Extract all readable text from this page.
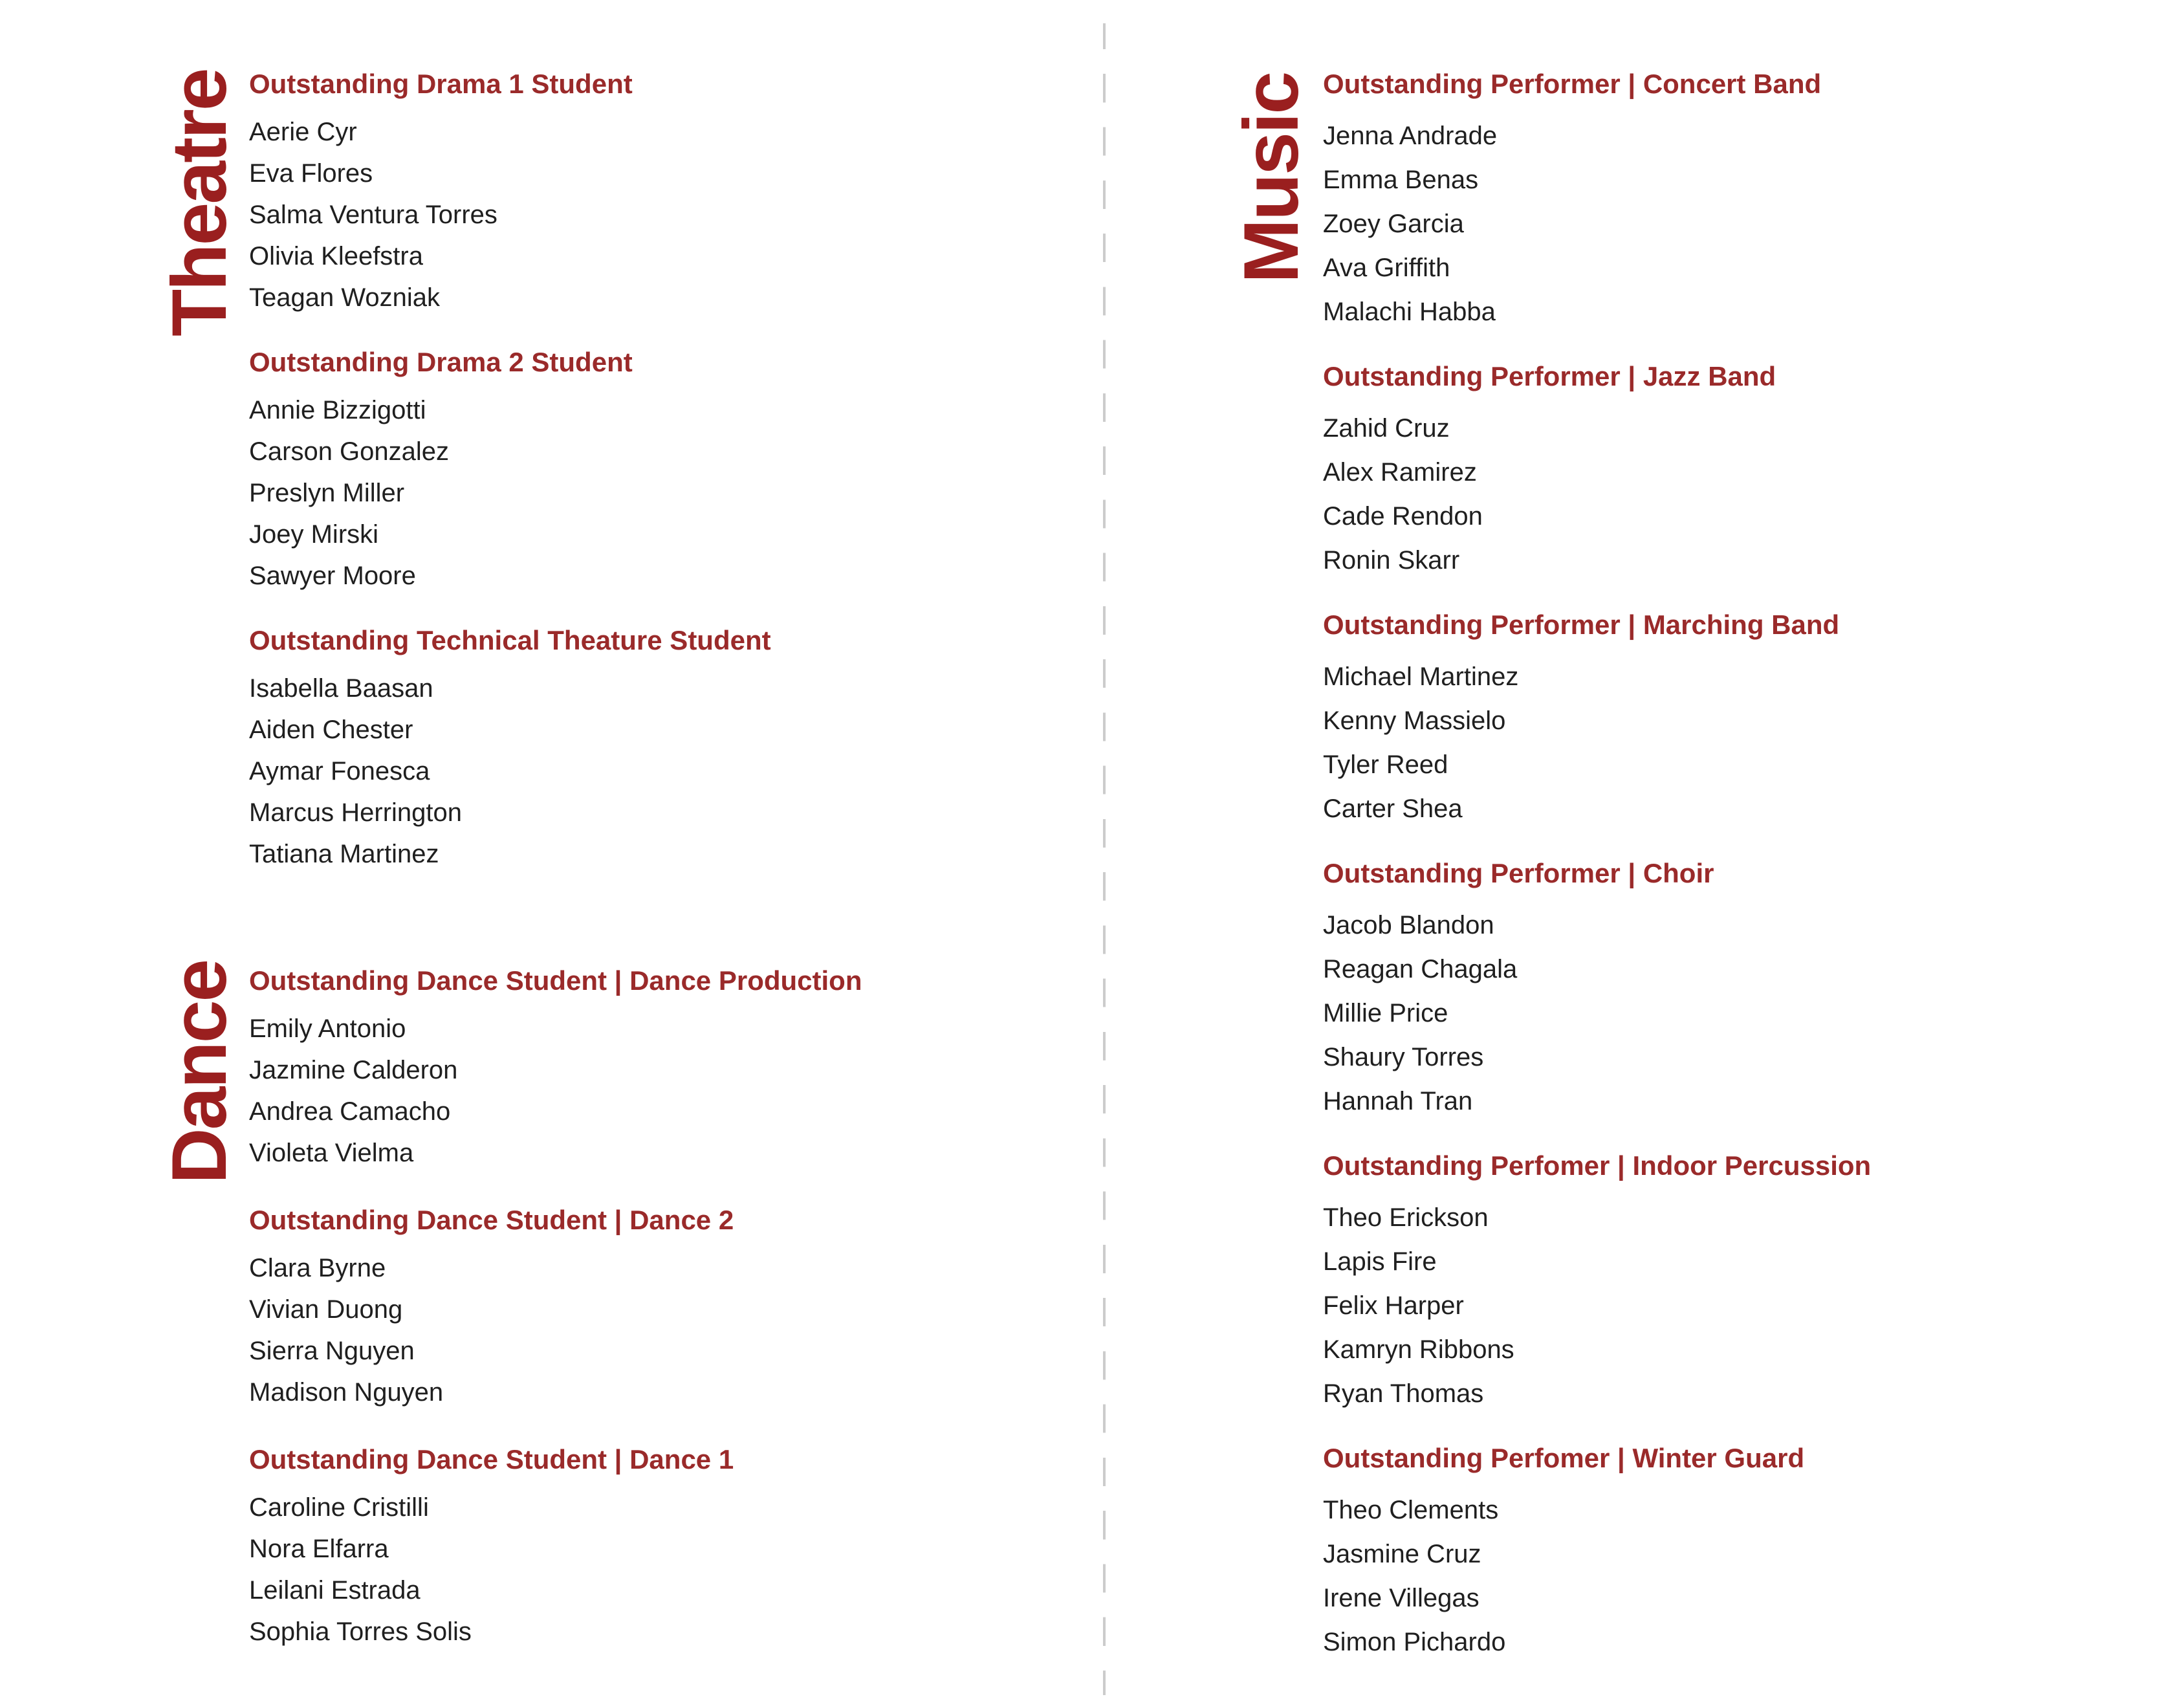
Theatre
Dance
Music
Outstanding Drama 1 Student
Aerie Cyr
Eva Flores
Salma Ventura Torres
Olivia Kleefstra
Teagan Wozniak
Outstanding Drama 2 Student
Annie Bizzigotti
Carson Gonzalez
Preslyn Miller
Joey Mirski
Sawyer Moore
Outstanding Technical Theature Student
Isabella Baasan
Aiden Chester
Aymar Fonesca
Marcus Herrington
Tatiana Martinez
Outstanding Dance Student | Dance Production
Emily Antonio
Jazmine Calderon
Andrea Camacho
Violeta Vielma
Outstanding Dance Student | Dance 2
Clara Byrne
Vivian Duong
Sierra Nguyen
Madison Nguyen
Outstanding Dance Student | Dance 1
Caroline Cristilli
Nora Elfarra
Leilani Estrada
Sophia Torres Solis
Outstanding Performer | Concert Band
Jenna Andrade
Emma Benas
Zoey Garcia
Ava Griffith
Malachi Habba
Outstanding Performer | Jazz Band
Zahid Cruz
Alex Ramirez
Cade Rendon
Ronin Skarr
Outstanding Performer | Marching Band
Michael Martinez
Kenny Massielo
Tyler Reed
Carter Shea
Outstanding Performer | Choir
Jacob Blandon
Reagan Chagala
Millie Price
Shaury Torres
Hannah Tran
Outstanding Perfomer | Indoor Percussion
Theo Erickson
Lapis Fire
Felix Harper
Kamryn Ribbons
Ryan Thomas
Outstanding Perfomer | Winter Guard
Theo Clements
Jasmine Cruz
Irene Villegas
Simon Pichardo
